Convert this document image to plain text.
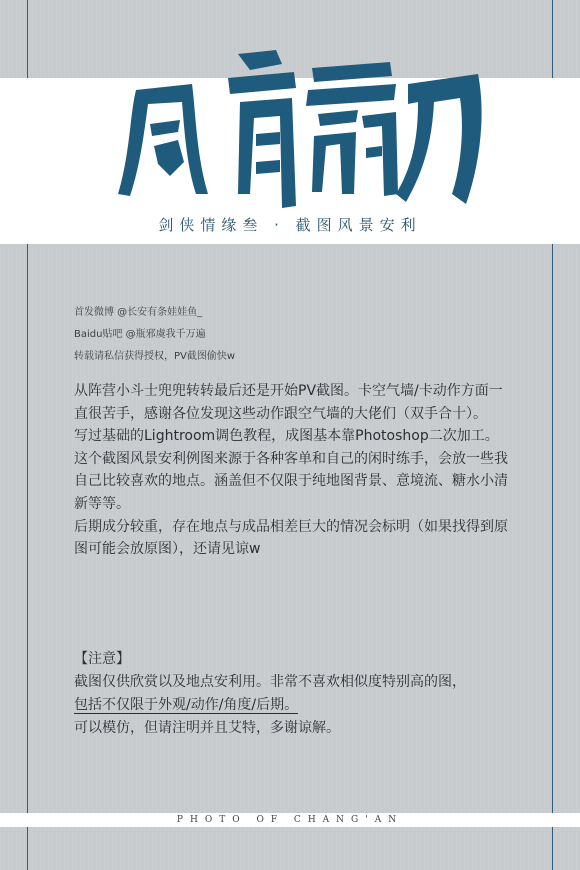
剑侠情缘叁 · 截图风景安利
首发微博 @长安有条娃娃鱼_
Baidu贴吧 @瓶邪虞我千万遍
转载请私信获得授权，PV截图偷快w

从阵营小斗士兜兜转转最后还是开始PV截图。卡空气墙/卡动作方面一直很苦手，感谢各位发现这些动作跟空气墙的大佬们（双手合十）。

写过基础的Lightroom调色教程，成图基本靠Photoshop二次加工。

这个截图风景安利例图来源于各种客单和自己的闲时练手，会放一些我自己比较喜欢的地点。涵盖但不仅限于纯地图背景、意境流、糖水小清新等等。

后期成分较重，存在地点与成品相差巨大的情况会标明（如果找得到原图可能会放原图），还请见谅w

【注意】

截图仅供欣赏以及地点安利用。非常不喜欢相似度特别高的图，

包括不仅限于外观/动作/角度/后期。

可以模仿，但请注明并且艾特，多谢谅解。

PHOTO OF CHANG'AN
